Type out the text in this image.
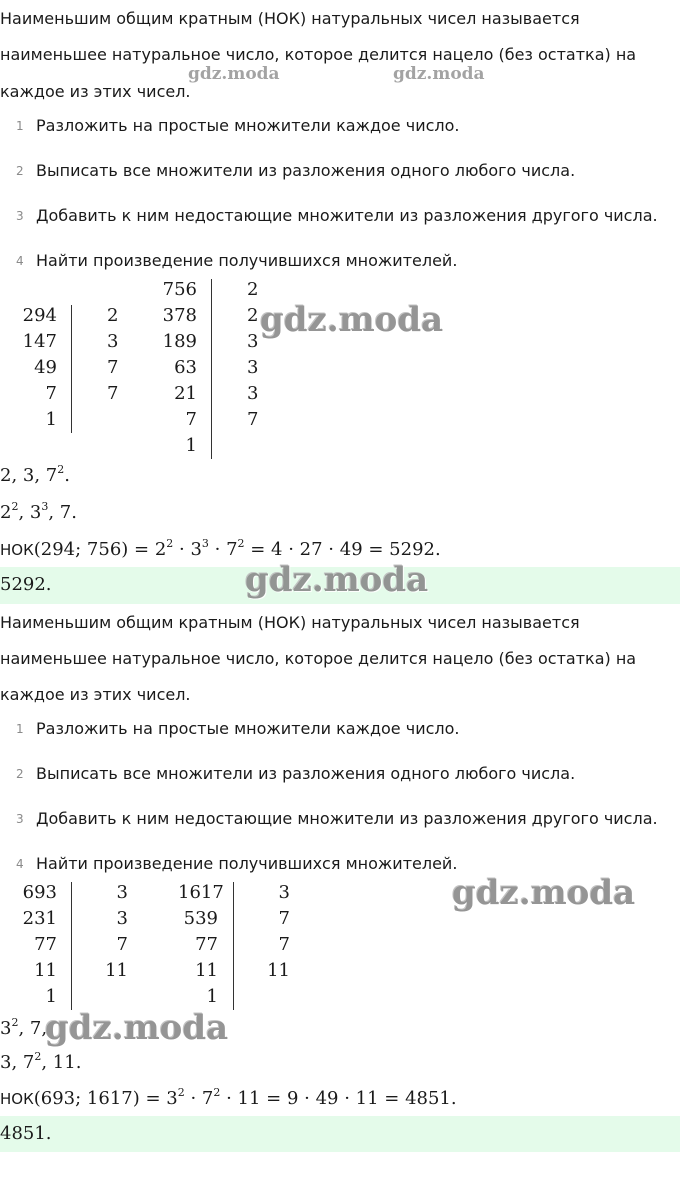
Наименьшим общим кратным (НОК) натуральных чисел называется
наименьшее натуральное число, которое делится нацело (без остатка) на
каждое из этих чисел.
gdz.moda	gdz.moda
1 Разложить на простые множители каждое число.
2 Выписать все множители из разложения одного любого числа.
3 Добавить к ним недостающие множители из разложения другого числа.
4 Найти произведение получившихся множителей.
294
147
49
7
1
2
3
7
7
756
378
189
63
21
7
1
2
2
3
3
3
7
gdz.moda
2, 3, $7^2$.
$2^2$, $3^3$, 7.
НОК(294; $756) = 2^2 \cdot 3^3 \cdot 7^2 = 4 \cdot 27 \cdot 49 = 5292$.
5292.	gdz.moda
Наименьшим общим кратным (НОК) натуральных чисел называется
наименьшее натуральное число, которое делится нацело (без остатка) на
каждое из этих чисел.
1 Разложить на простые множители каждое число.
2 Выписать все множители из разложения одного любого числа.
3 Добавить к ним недостающие множители из разложения другого числа.
4 Найти произведение получившихся множителей.
693
231
77
11
1
3
3
7
11
1617
539
77
11
1
3
7
7
11
gdz.moda
$3^2$, 7,
gdz.moda
3, $7^2$, 11.
НОК(693; $1617) = 3^2 \cdot 7^2 \cdot 11 = 9 \cdot 49 \cdot 11 = 4851$.
4851.
